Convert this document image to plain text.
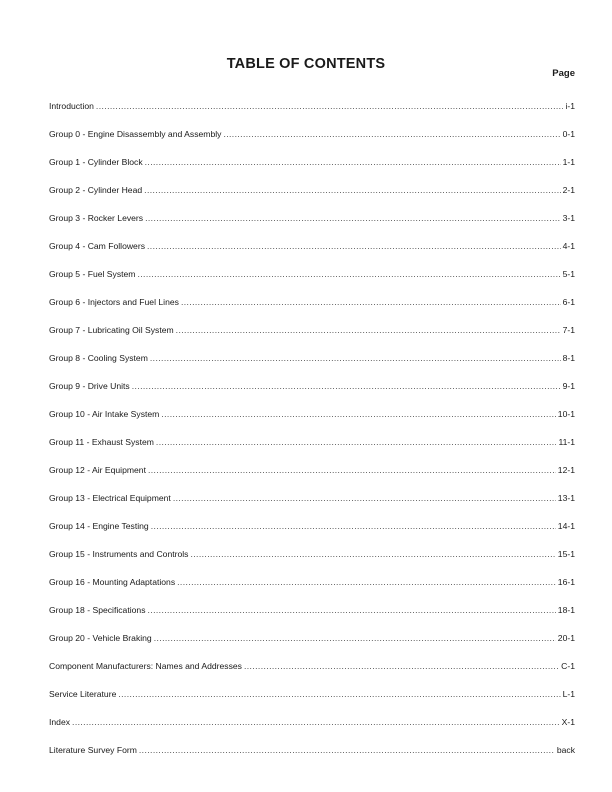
TABLE OF CONTENTS
Page
Introduction .....	i-1
Group 0 - Engine Disassembly and Assembly .....	0-1
Group 1 - Cylinder Block .....	1-1
Group 2 - Cylinder Head .....	2-1
Group 3 - Rocker Levers .....	3-1
Group 4 - Cam Followers .....	4-1
Group 5 - Fuel System .....	5-1
Group 6 - Injectors and Fuel Lines .....	6-1
Group 7 - Lubricating Oil System .....	7-1
Group 8 - Cooling System .....	8-1
Group 9 - Drive Units .....	9-1
Group 10 - Air Intake System .....	10-1
Group 11 - Exhaust System .....	11-1
Group 12 - Air Equipment .....	12-1
Group 13 - Electrical Equipment .....	13-1
Group 14 - Engine Testing .....	14-1
Group 15 - Instruments and Controls .....	15-1
Group 16 - Mounting Adaptations .....	16-1
Group 18 - Specifications .....	18-1
Group 20 - Vehicle Braking .....	20-1
Component Manufacturers: Names and Addresses .....	C-1
Service Literature .....	L-1
Index .....	X-1
Literature Survey Form .....	back
